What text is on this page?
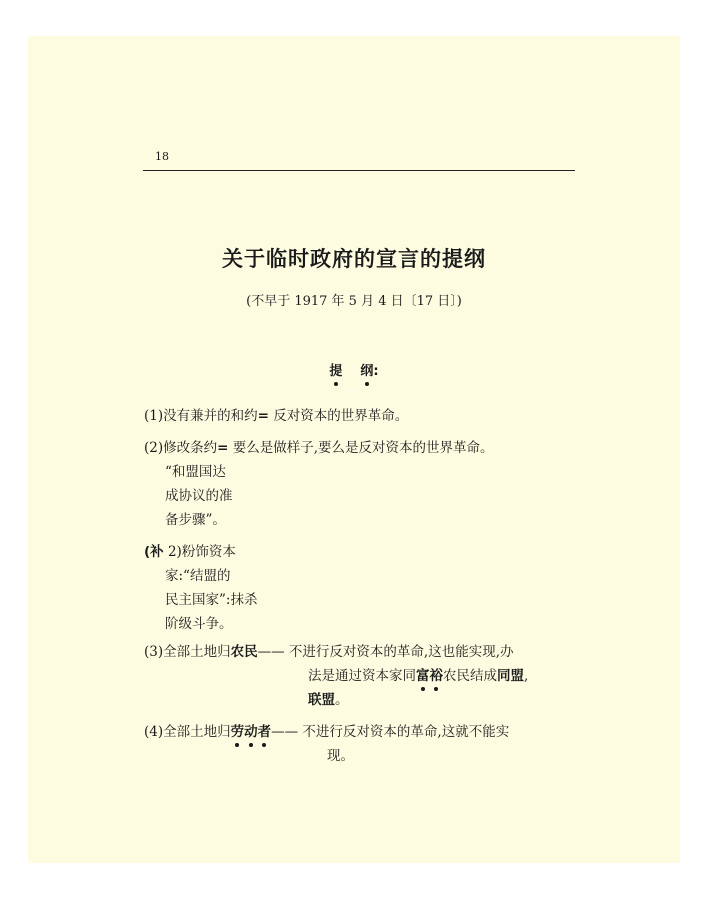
18
关于临时政府的宣言的提纲
(不早于 1917 年 5 月 4 日〔17 日〕)
提 纲:
(1)没有兼并的和约= 反对资本的世界革命。
(2)修改条约= 要么是做样子,要么是反对资本的世界革命。
“和盟国达
成协议的准
备步骤”。
(补 2)粉饰资本
家:“结盟的
民主国家”:抹杀
阶级斗争。
(3)全部土地归农民—— 不进行反对资本的革命,这也能实现,办
法是通过资本家同富裕农民结成同盟,
联盟。
(4)全部土地归劳动者—— 不进行反对资本的革命,这就不能实
现。
